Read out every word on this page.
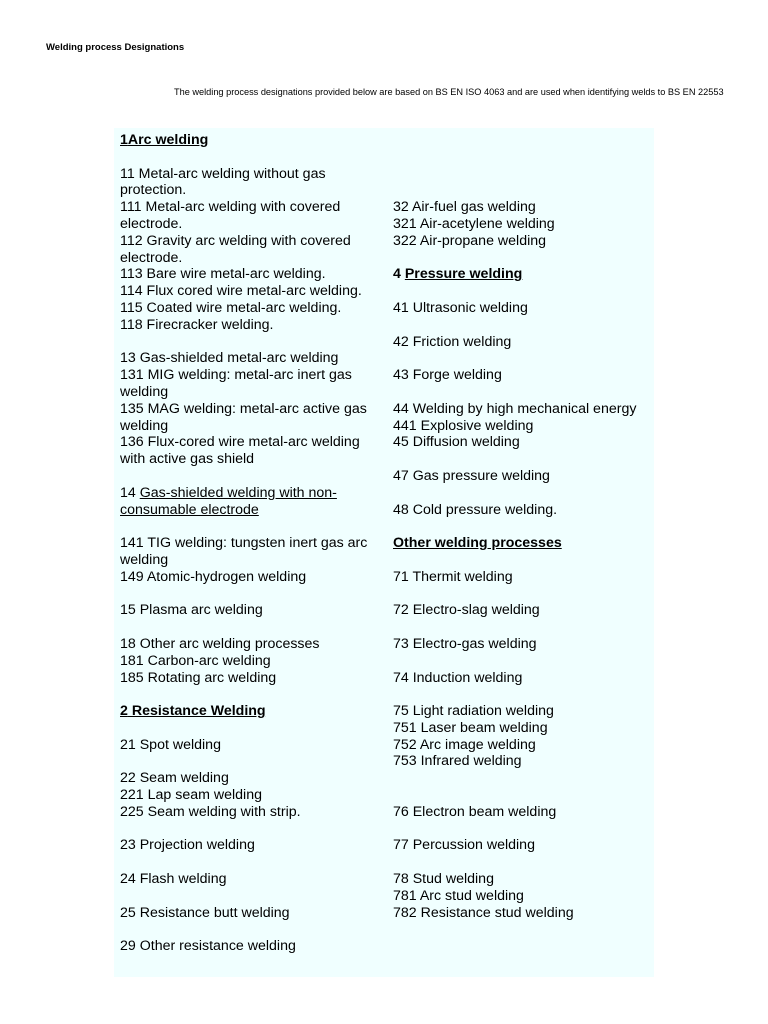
Welding process Designations
The welding process designations provided below are based on BS EN ISO 4063 and are used when identifying welds to BS EN 22553
1Arc welding
11 Metal-arc welding without gas protection.
111 Metal-arc welding with covered electrode.
112 Gravity arc welding with covered electrode.
113 Bare wire metal-arc welding.
114 Flux cored wire metal-arc welding.
115 Coated wire metal-arc welding.
118 Firecracker welding.
13 Gas-shielded metal-arc welding
131 MIG welding: metal-arc inert gas welding
135 MAG welding: metal-arc active gas welding
136 Flux-cored wire metal-arc welding with active gas shield
14 Gas-shielded welding with non-consumable electrode
141 TIG welding: tungsten inert gas arc welding
149 Atomic-hydrogen welding
15 Plasma arc welding
18 Other arc welding processes
181 Carbon-arc welding
185 Rotating arc welding
2 Resistance Welding
21 Spot welding
22 Seam welding
221 Lap seam welding
225 Seam welding with strip.
23 Projection welding
24 Flash welding
25 Resistance butt welding
29 Other resistance welding
32 Air-fuel gas welding
321 Air-acetylene welding
322 Air-propane welding
4 Pressure welding
41 Ultrasonic welding
42 Friction welding
43 Forge welding
44 Welding by high mechanical energy
441 Explosive welding
45 Diffusion welding
47 Gas pressure welding
48 Cold pressure welding.
Other welding processes
71 Thermit welding
72 Electro-slag welding
73 Electro-gas welding
74 Induction welding
75 Light radiation welding
751 Laser beam welding
752 Arc image welding
753 Infrared welding
76 Electron beam welding
77 Percussion welding
78 Stud welding
781 Arc stud welding
782 Resistance stud welding
